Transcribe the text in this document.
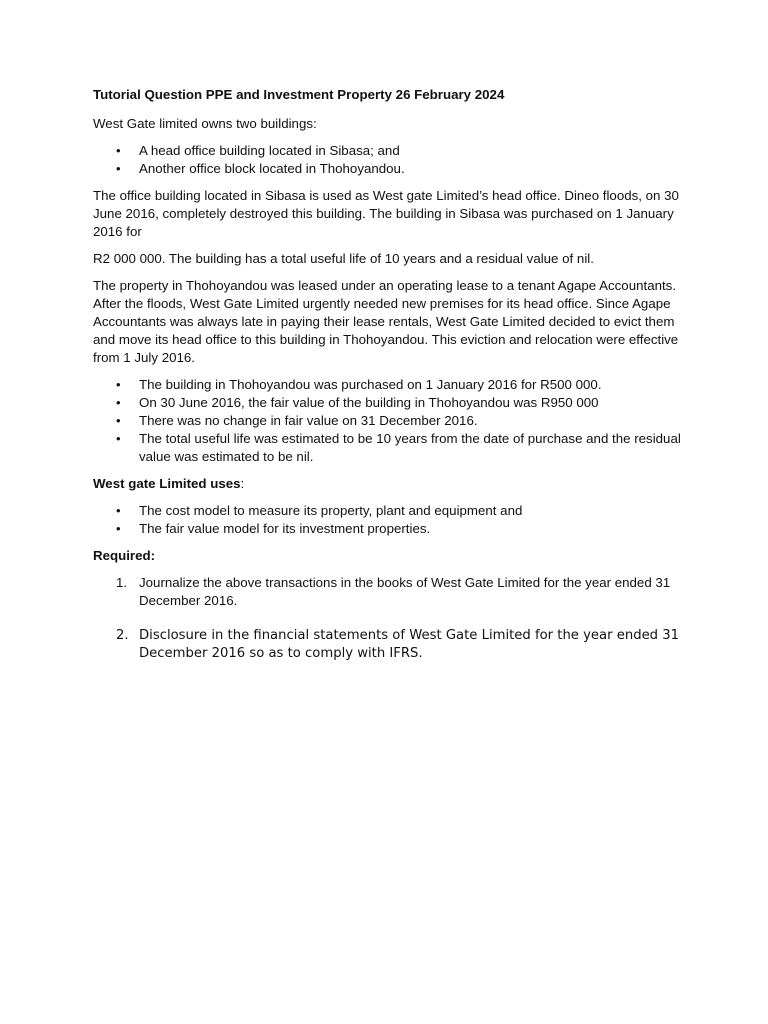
Tutorial Question PPE and Investment Property 26 February 2024

West Gate limited owns two buildings:

• A head office building located in Sibasa; and
• Another office block located in Thohoyandou.

The office building located in Sibasa is used as West gate Limited’s head office. Dineo floods, on 30 June 2016, completely destroyed this building. The building in Sibasa was purchased on 1 January 2016 for

R2 000 000. The building has a total useful life of 10 years and a residual value of nil.

The property in Thohoyandou was leased under an operating lease to a tenant Agape Accountants. After the floods, West Gate Limited urgently needed new premises for its head office. Since Agape Accountants was always late in paying their lease rentals, West Gate Limited decided to evict them and move its head office to this building in Thohoyandou. This eviction and relocation were effective from 1 July 2016.

• The building in Thohoyandou was purchased on 1 January 2016 for R500 000.
• On 30 June 2016, the fair value of the building in Thohoyandou was R950 000
• There was no change in fair value on 31 December 2016.
• The total useful life was estimated to be 10 years from the date of purchase and the residual value was estimated to be nil.

West gate Limited uses:

• The cost model to measure its property, plant and equipment and
• The fair value model for its investment properties.

Required:

1. Journalize the above transactions in the books of West Gate Limited for the year ended 31 December 2016.
2. Disclosure in the financial statements of West Gate Limited for the year ended 31 December 2016 so as to comply with IFRS.
